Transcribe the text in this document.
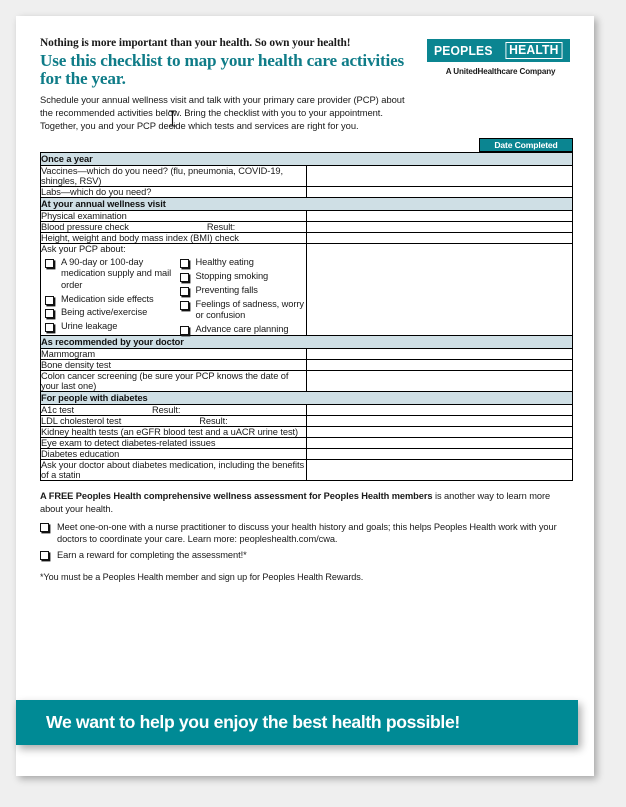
Nothing is more important than your health. So own your health!

Use this checklist to map your health care activities for the year.

Schedule your annual wellness visit and talk with your primary care provider (PCP) about the recommended activities below. Bring the checklist with you to your appointment. Together, you and your PCP decide which tests and services are right for you.

PEOPLES HEALTH
A UnitedHealthcare Company
Date Completed
Once a year	
Vaccines—which do you need? (flu, pneumonia, COVID-19, shingles, RSV)	
Labs—which do you need?	
At your annual wellness visit	
Physical examination	
Blood pressure check Result:	
Height, weight and body mass index (BMI) check	

Ask your PCP about:
A 90-day or 100-day medication supply and mail order
Medication side effects
Being active/exercise
Urine leakage
Healthy eating
Stopping smoking
Preventing falls
Feelings of sadness, worry or confusion
Advance care planning

As recommended by your doctor	
Mammogram	
Bone density test	
Colon cancer screening (be sure your PCP knows the date of your last one)	
For people with diabetes	
A1c test Result:	
LDL cholesterol test Result:	
Kidney health tests (an eGFR blood test and a uACR urine test)	
Eye exam to detect diabetes-related issues	
Diabetes education	
Ask your doctor about diabetes medication, including the benefits of a statin	
A FREE Peoples Health comprehensive wellness assessment for Peoples Health members is another way to learn more about your health.
Meet one-on-one with a nurse practitioner to discuss your health history and goals; this helps Peoples Health work with your doctors to coordinate your care. Learn more: peopleshealth.com/cwa.
Earn a reward for completing the assessment!*
*You must be a Peoples Health member and sign up for Peoples Health Rewards.
We want to help you enjoy the best health possible!
